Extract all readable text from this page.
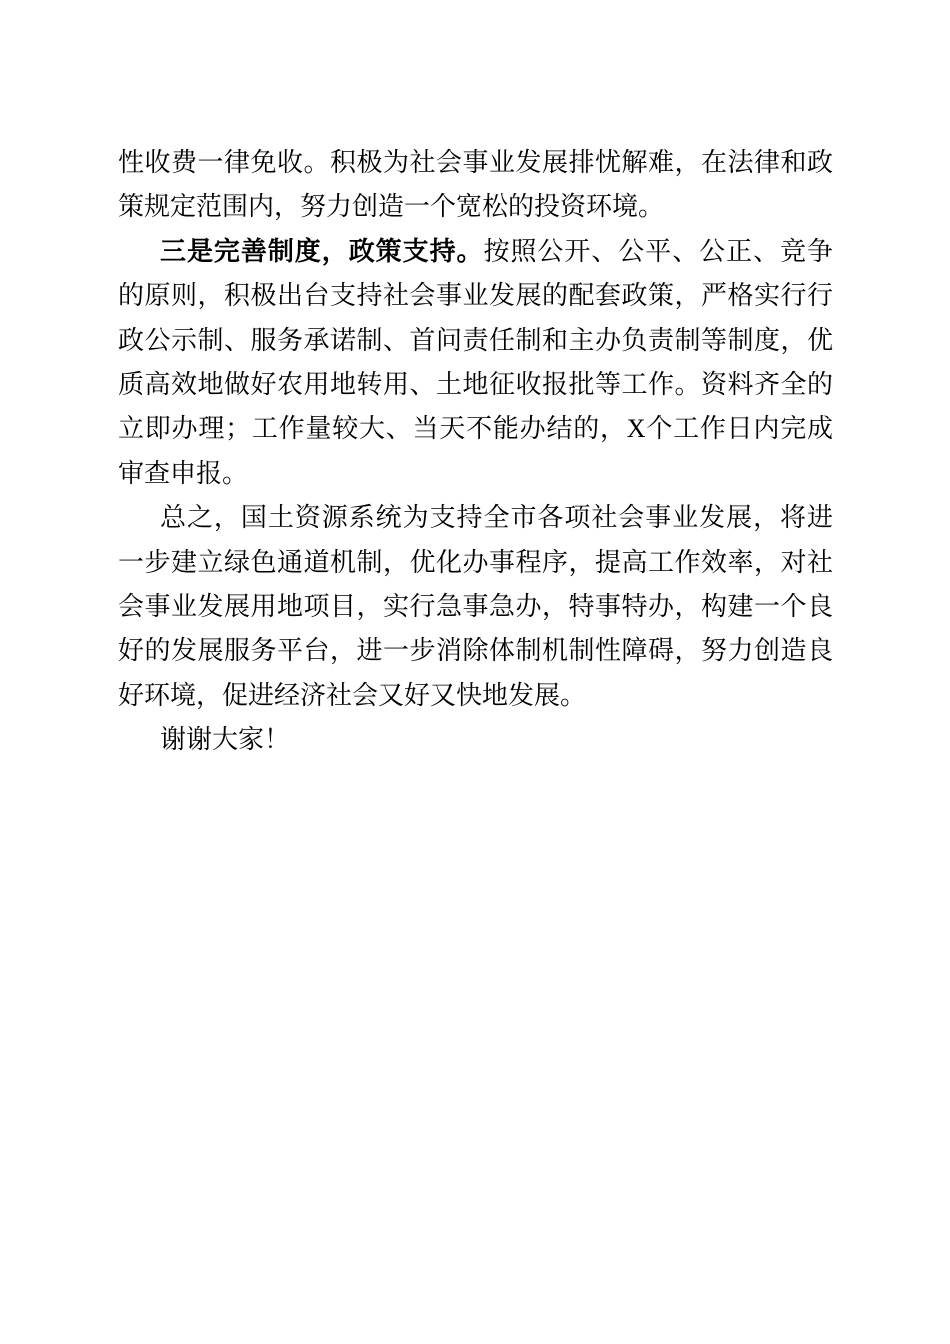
性收费一律免收。积极为社会事业发展排忧解难，在法律和政策规定范围内，努力创造一个宽松的投资环境。

三是完善制度，政策支持。按照公开、公平、公正、竞争的原则，积极出台支持社会事业发展的配套政策，严格实行行政公示制、服务承诺制、首问责任制和主办负责制等制度，优质高效地做好农用地转用、土地征收报批等工作。资料齐全的立即办理；工作量较大、当天不能办结的，X个工作日内完成审查申报。

总之，国土资源系统为支持全市各项社会事业发展，将进一步建立绿色通道机制，优化办事程序，提高工作效率，对社会事业发展用地项目，实行急事急办，特事特办，构建一个良好的发展服务平台，进一步消除体制机制性障碍，努力创造良好环境，促进经济社会又好又快地发展。

谢谢大家！
